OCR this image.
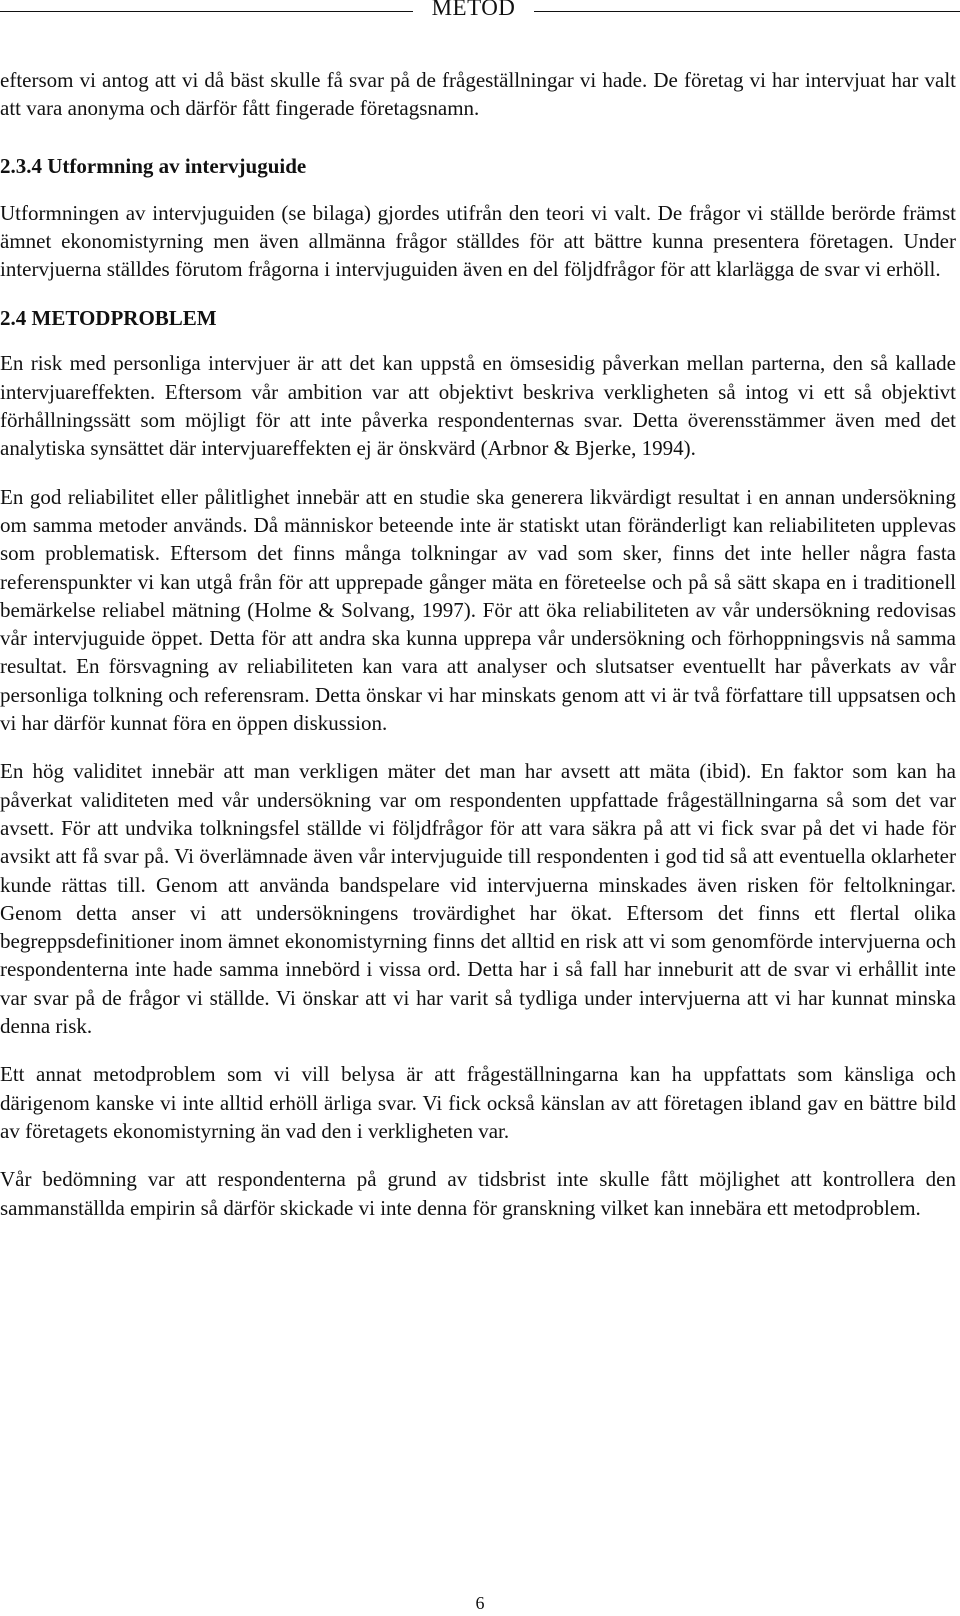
METOD

eftersom vi antog att vi då bäst skulle få svar på de frågeställningar vi hade. De företag vi har intervjuat har valt att vara anonyma och därför fått fingerade företagsnamn.

2.3.4 Utformning av intervjuguide

Utformningen av intervjuguiden (se bilaga) gjordes utifrån den teori vi valt. De frågor vi ställde berörde främst ämnet ekonomistyrning men även allmänna frågor ställdes för att bättre kunna presentera företagen. Under intervjuerna ställdes förutom frågorna i intervjuguiden även en del följdfrågor för att klarlägga de svar vi erhöll.

2.4 METODPROBLEM

En risk med personliga intervjuer är att det kan uppstå en ömsesidig påverkan mellan parterna, den så kallade intervjuareffekten. Eftersom vår ambition var att objektivt beskriva verkligheten så intog vi ett så objektivt förhållningssätt som möjligt för att inte påverka respondenternas svar. Detta överensstämmer även med det analytiska synsättet där intervjuareffekten ej är önskvärd (Arbnor & Bjerke, 1994).

En god reliabilitet eller pålitlighet innebär att en studie ska generera likvärdigt resultat i en annan undersökning om samma metoder används. Då människor beteende inte är statiskt utan föränderligt kan reliabiliteten upplevas som problematisk. Eftersom det finns många tolkningar av vad som sker, finns det inte heller några fasta referenspunkter vi kan utgå från för att upprepade gånger mäta en företeelse och på så sätt skapa en i traditionell bemärkelse reliabel mätning (Holme & Solvang, 1997). För att öka reliabiliteten av vår undersökning redovisas vår intervjuguide öppet. Detta för att andra ska kunna upprepa vår undersökning och förhoppningsvis nå samma resultat. En försvagning av reliabiliteten kan vara att analyser och slutsatser eventuellt har påverkats av vår personliga tolkning och referensram. Detta önskar vi har minskats genom att vi är två författare till uppsatsen och vi har därför kunnat föra en öppen diskussion.

En hög validitet innebär att man verkligen mäter det man har avsett att mäta (ibid). En faktor som kan ha påverkat validiteten med vår undersökning var om respondenten uppfattade frågeställningarna så som det var avsett. För att undvika tolkningsfel ställde vi följdfrågor för att vara säkra på att vi fick svar på det vi hade för avsikt att få svar på. Vi överlämnade även vår intervjuguide till respondenten i god tid så att eventuella oklarheter kunde rättas till. Genom att använda bandspelare vid intervjuerna minskades även risken för feltolkningar. Genom detta anser vi att undersökningens trovärdighet har ökat. Eftersom det finns ett flertal olika begreppsdefinitioner inom ämnet ekonomistyrning finns det alltid en risk att vi som genomförde intervjuerna och respondenterna inte hade samma innebörd i vissa ord. Detta har i så fall har inneburit att de svar vi erhållit inte var svar på de frågor vi ställde. Vi önskar att vi har varit så tydliga under intervjuerna att vi har kunnat minska denna risk.

Ett annat metodproblem som vi vill belysa är att frågeställningarna kan ha uppfattats som känsliga och därigenom kanske vi inte alltid erhöll ärliga svar. Vi fick också känslan av att företagen ibland gav en bättre bild av företagets ekonomistyrning än vad den i verkligheten var.

Vår bedömning var att respondenterna på grund av tidsbrist inte skulle fått möjlighet att kontrollera den sammanställda empirin så därför skickade vi inte denna för granskning vilket kan innebära ett metodproblem.

6
